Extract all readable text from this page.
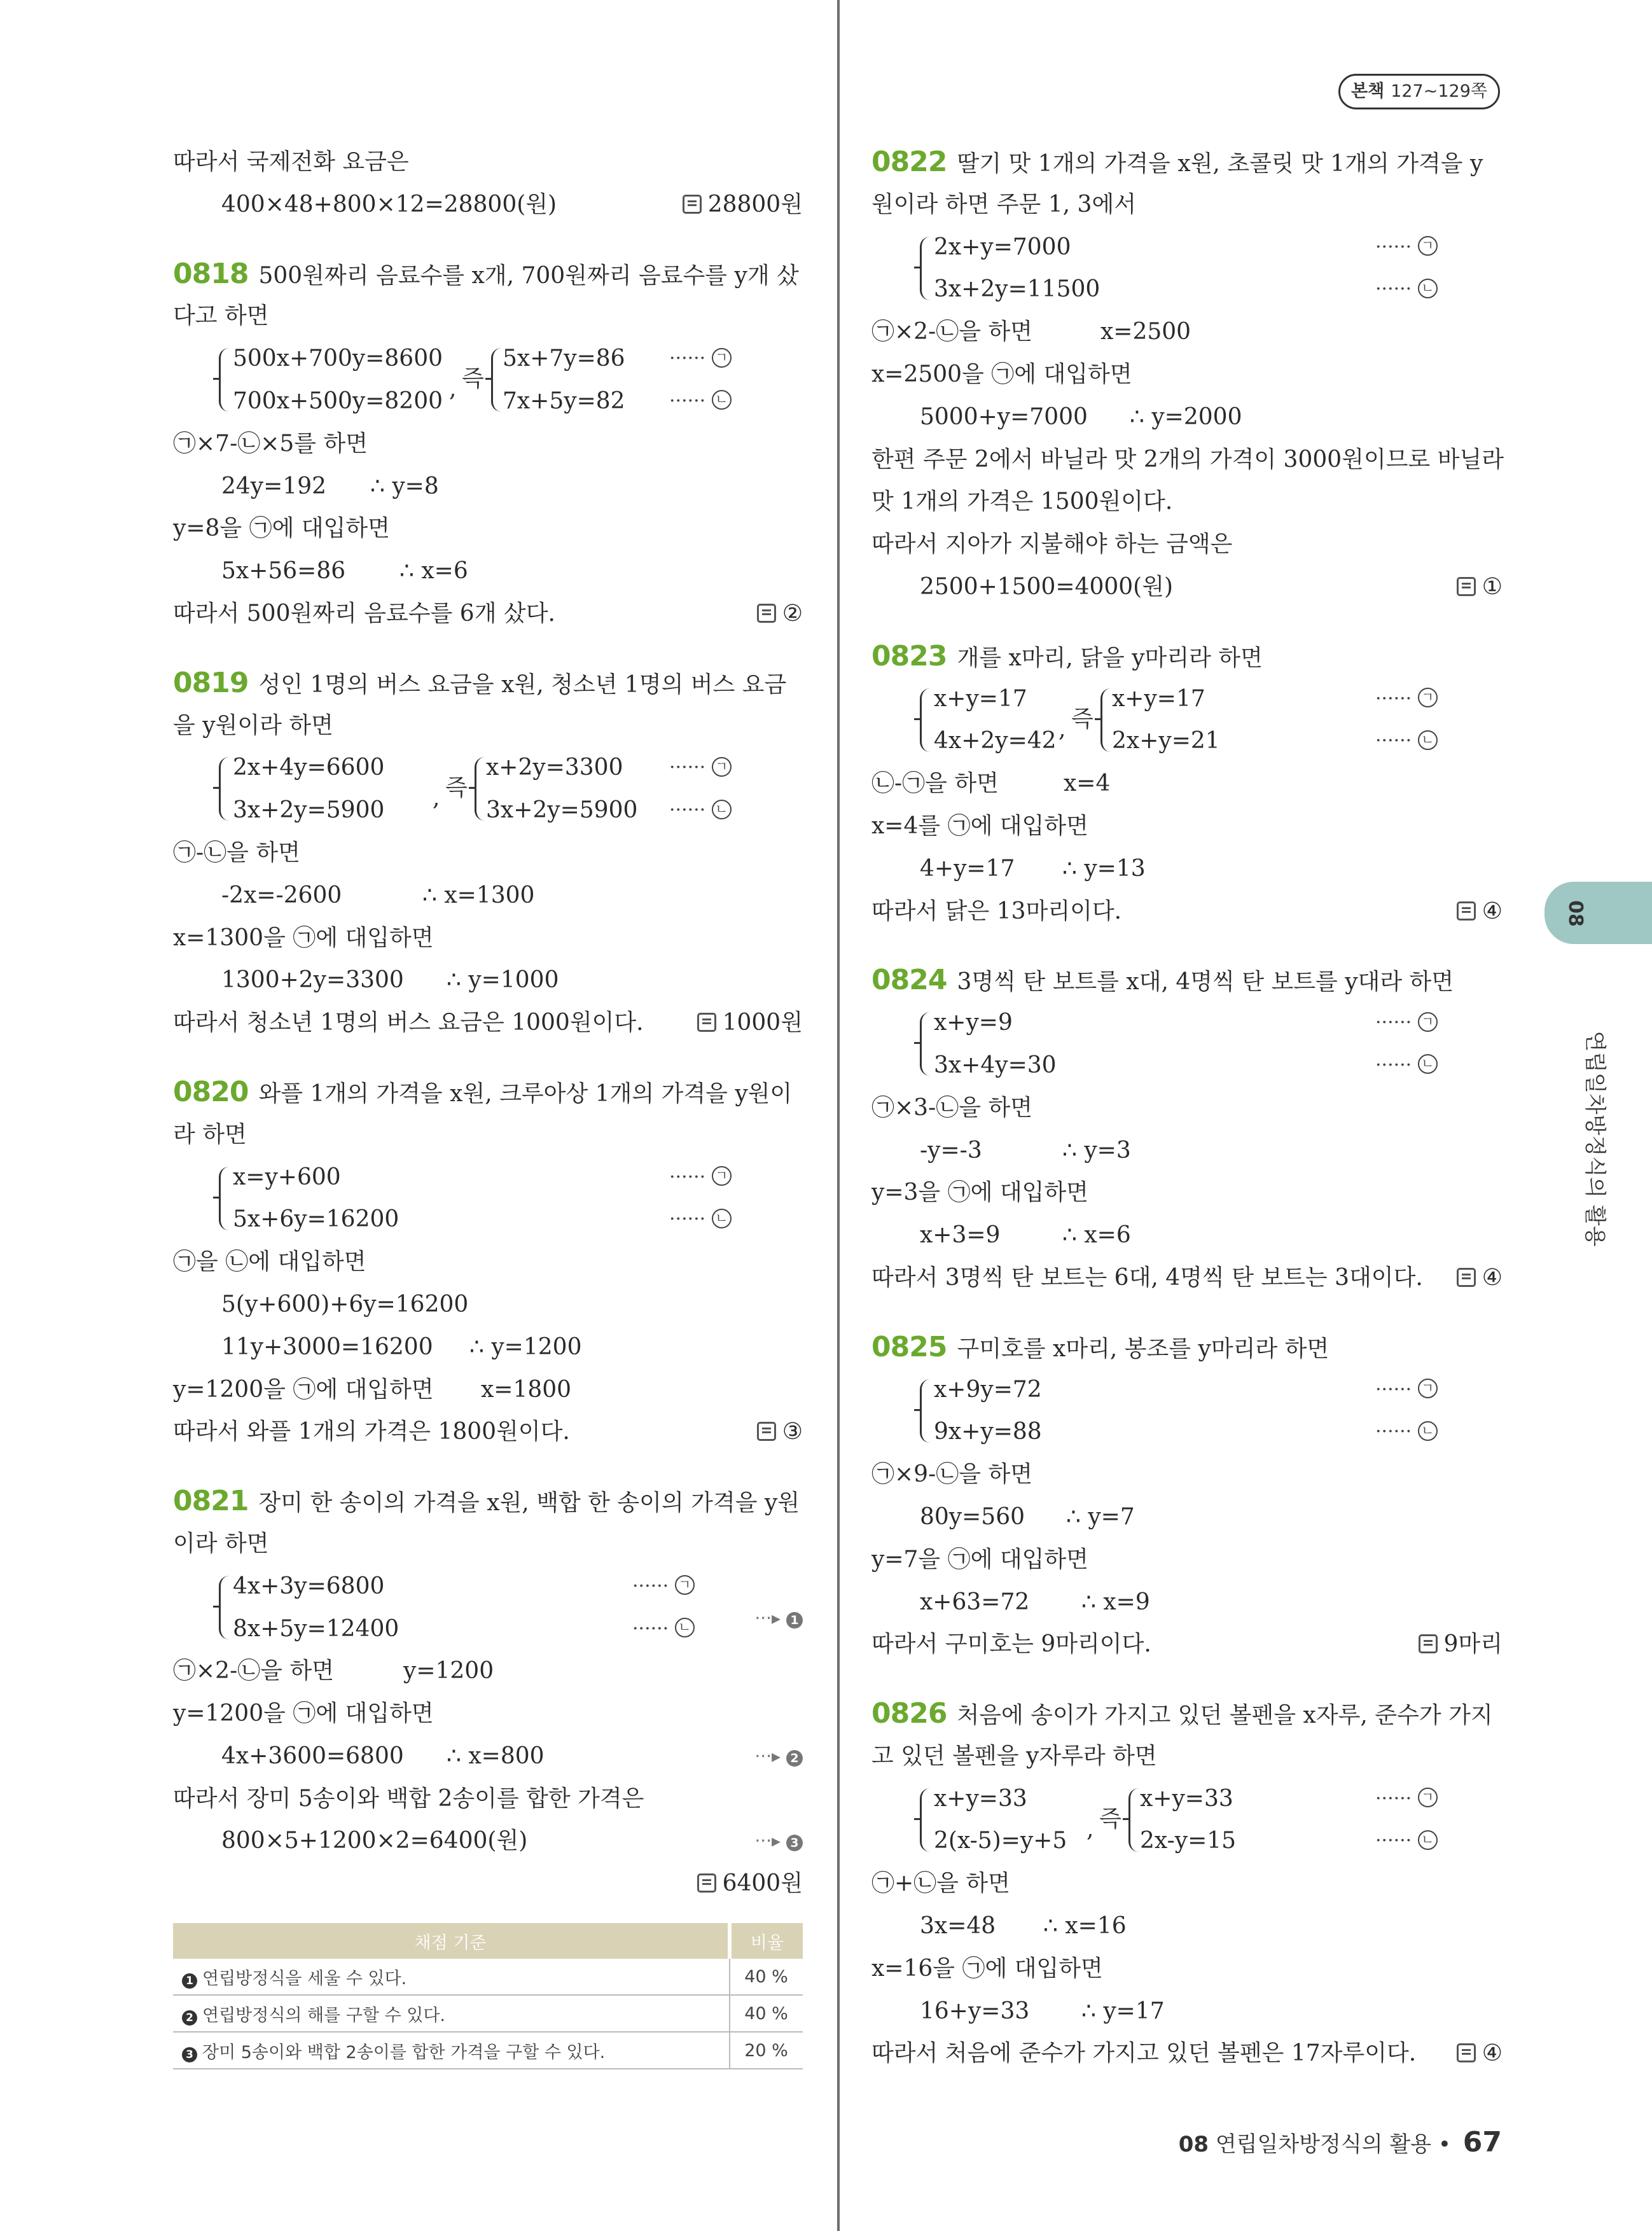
본책 127~129쪽
따라서 국제전화 요금은
400×48+800×12=28800(원)	28800원
0818 500원짜리 음료수를 x개, 700원짜리 음료수를 y개 샀
다고 하면
500x+700y=8600
700x+500y=8200 , 즉
5x+7y=86
7x+5y=82
······ ㄱ
······ ㄴ
㉠×7-㉡×5를 하면
24y=192 ∴ y=8
y=8을 ㉠에 대입하면
5x+56=86 ∴ x=6
따라서 500원짜리 음료수를 6개 샀다.	②
0819 성인 1명의 버스 요금을 x원, 청소년 1명의 버스 요금
을 y원이라 하면
2x+4y=6600
3x+2y=5900 , 즉
x+2y=3300
3x+2y=5900
······ ㄱ
······ ㄴ
㉠-㉡을 하면
-2x=-2600	∴ x=1300
x=1300을 ㉠에 대입하면
1300+2y=3300 ∴ y=1000
따라서 청소년 1명의 버스 요금은 1000원이다.	1000원
0820 와플 1개의 가격을 x원, 크루아상 1개의 가격을 y원이
라 하면
x=y+600
5x+6y=16200
······ ㄱ
······ ㄴ
㉠을 ㉡에 대입하면
5(y+600)+6y=16200
11y+3000=16200 ∴ y=1200
y=1200을 ㉠에 대입하면 x=1800
따라서 와플 1개의 가격은 1800원이다.	③
0821 장미 한 송이의 가격을 x원, 백합 한 송이의 가격을 y원
이라 하면
4x+3y=6800
8x+5y=12400
······ ㄱ
······ ㄴ	···▸ 1
㉠×2-㉡을 하면	y=1200
y=1200을 ㉠에 대입하면
4x+3600=6800 ∴ x=800	···▸ 2
따라서 장미 5송이와 백합 2송이를 합한 가격은
800×5+1200×2=6400(원)	···▸ 3
6400원
채점 기준	비율
1 연립방정식을 세울 수 있다.	40 %
2 연립방정식의 해를 구할 수 있다.	40 %
3 장미 5송이와 백합 2송이를 합한 가격을 구할 수 있다.	20 %
0822 딸기 맛 1개의 가격을 x원, 초콜릿 맛 1개의 가격을 y
원이라 하면 주문 1, 3에서
2x+y=7000
3x+2y=11500
······ ㄱ
······ ㄴ
㉠×2-㉡을 하면	x=2500
x=2500을 ㉠에 대입하면
5000+y=7000 ∴ y=2000
한편 주문 2에서 바닐라 맛 2개의 가격이 3000원이므로 바닐라
맛 1개의 가격은 1500원이다.
따라서 지아가 지불해야 하는 금액은
2500+1500=4000(원)	①
0823 개를 x마리, 닭을 y마리라 하면
x+y=17
4x+2y=42 , 즉
x+y=17
2x+y=21
······ ㄱ
······ ㄴ
㉡-㉠을 하면	x=4
x=4를 ㉠에 대입하면
4+y=17 ∴ y=13
따라서 닭은 13마리이다.	④
0824 3명씩 탄 보트를 x대, 4명씩 탄 보트를 y대라 하면
x+y=9
3x+4y=30
······ ㄱ
······ ㄴ
㉠×3-㉡을 하면
-y=-3	∴ y=3
y=3을 ㉠에 대입하면
x+3=9	∴ x=6
따라서 3명씩 탄 보트는 6대, 4명씩 탄 보트는 3대이다.	④
0825 구미호를 x마리, 봉조를 y마리라 하면
x+9y=72
9x+y=88
······ ㄱ
······ ㄴ
㉠×9-㉡을 하면
80y=560 ∴ y=7
y=7을 ㉠에 대입하면
x+63=72 ∴ x=9
따라서 구미호는 9마리이다.	9마리
0826 처음에 송이가 가지고 있던 볼펜을 x자루, 준수가 가지
고 있던 볼펜을 y자루라 하면
x+y=33
2(x-5)=y+5 , 즉
x+y=33
2x-y=15
······ ㄱ
······ ㄴ
㉠+㉡을 하면
3x=48 ∴ x=16
x=16을 ㉠에 대입하면
16+y=33 ∴ y=17
따라서 처음에 준수가 가지고 있던 볼펜은 17자루이다.	④
08
연립일차방정식의 활용
08 연립일차방정식의 활용 • 67
